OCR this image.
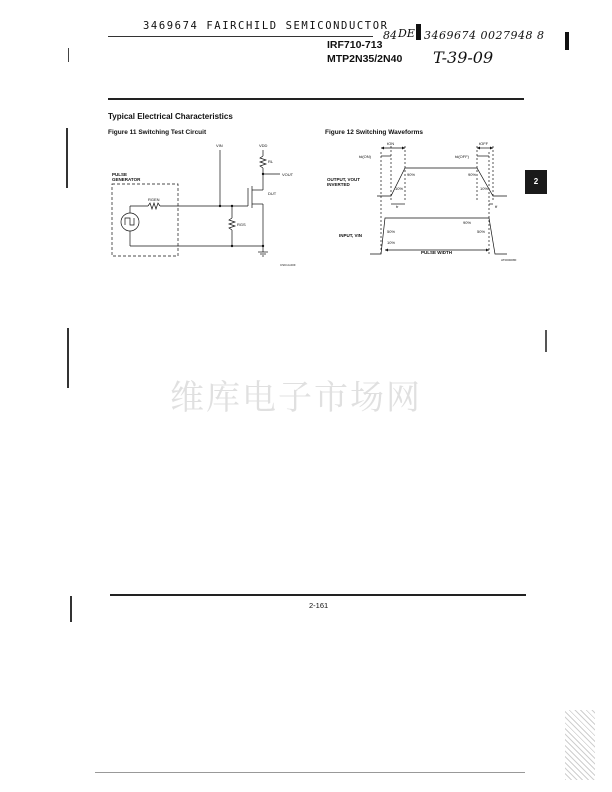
3469674 FAIRCHILD SEMICONDUCTOR
IRF710-713
MTP2N35/2N40
84 DE 3469674 0027948 8
T-39-09
Typical Electrical Characteristics
Figure 11 Switching Test Circuit	Figure 12 Switching Waveforms
2
VIN	VDD
RL
VOUT
DUT
PULSE
GENERATOR
RGEN
RGS
CSK14-00F
tON	tOFF
td(ON)	td(OFF)
OUTPUT, VOUT
INVERTED
INPUT, VIN
90%	90%
10%	10%
50%	50%
10%
90%
tr	tf
PULSE WIDTH
AT000008F
维库电子市场网
2-161
